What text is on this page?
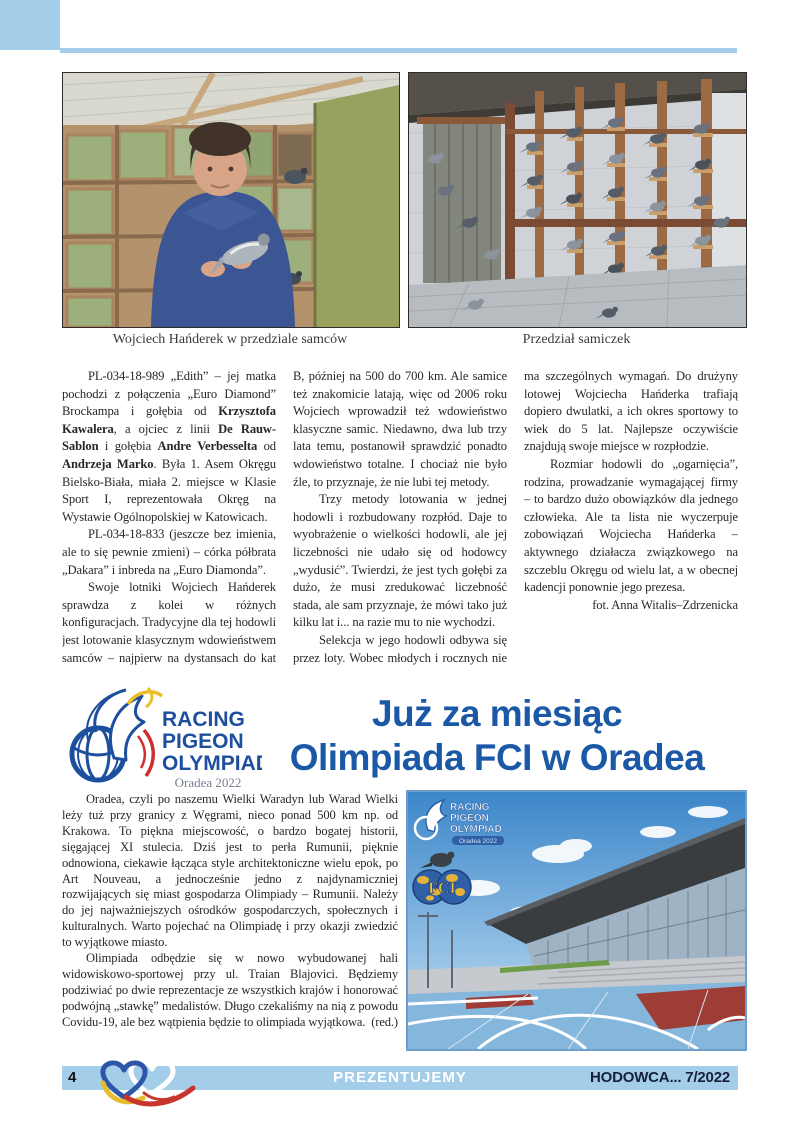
Wojciech Hańderek w przedziale samców	Przedział samiczek

PL-034-18-989 „Edith” – jej matka pochodzi z połączenia „Euro Diamond” Brockampa i gołębia od Krzysztofa Kawalera, a ojciec z linii De Rauw-Sablon i gołębia Andre Verbesselta od Andrzeja Marko. Była 1. Asem Okręgu Bielsko-Biała, miała 2. miejsce w Klasie Sport I, reprezentowała Okręg na Wystawie Ogólnopolskiej w Katowicach.

PL-034-18-833 (jeszcze bez imienia, ale to się pewnie zmieni) – córka półbrata „Dakara” i inbreda na „Euro Diamonda”.

Swoje lotniki Wojciech Hańderek sprawdza z kolei w różnych konfiguracjach. Tradycyjne dla tej hodowli jest lotowanie klasycznym wdowieństwem samców – najpierw na dystansach do kat B, później na 500 do 700 km. Ale samice też znakomicie latają, więc od 2006 roku Wojciech wprowadził też wdowieństwo klasyczne samic. Niedawno, dwa lub trzy lata temu, postanowił sprawdzić ponadto wdowieństwo totalne. I chociaż nie było źle, to przyznaje, że nie lubi tej metody.

Trzy metody lotowania w jednej hodowli i rozbudowany rozpłód. Daje to wyobrażenie o wielkości hodowli, ale jej liczebności nie udało się od hodowcy „wydusić”. Twierdzi, że jest tych gołębi za dużo, że musi zredukować liczebność stada, ale sam przyznaje, że mówi tako już kilku lat i... na razie mu to nie wychodzi.

Selekcja w jego hodowli odbywa się przez loty. Wobec młodych i rocznych nie ma szczególnych wymagań. Do drużyny lotowej Wojciecha Hańderka trafiają dopiero dwulatki, a ich okres sportowy to wiek do 5 lat. Najlepsze oczywiście znajdują swoje miejsce w rozpłodzie.

Rozmiar hodowli do „ogarnięcia”, rodzina, prowadzanie wymagającej firmy – to bardzo dużo obowiązków dla jednego człowieka. Ale ta lista nie wyczerpuje zobowiązań Wojciecha Hańderka – aktywnego działacza związkowego na szczeblu Okręgu od wielu lat, a w obecnej kadencji ponownie jego prezesa.

fot. Anna Witalis–Zdrzenicka

RACING
PIGEON
OLYMPIAD
Oradea 2022
Już za miesiąc
Olimpiada FCI w Oradea

Oradea, czyli po naszemu Wielki Waradyn lub Warad Wielki leży tuż przy granicy z Węgrami, nieco ponad 500 km np. od Krakowa. To piękna miejscowość, o bardzo bogatej historii, sięgającej XI stulecia. Dziś jest to perła Rumunii, pięknie odnowiona, ciekawie łącząca style architektoniczne wielu epok, po Art Nouveau, a jednocześnie jedno z najdynamiczniej rozwijających się miast gospodarza Olimpiady – Rumunii. Należy do jej najważniejszych ośrodków gospodarczych, społecznych i kulturalnych. Warto pojechać na Olimpiadę i przy okazji zwiedzić to wyjątkowe miasto.

Olimpiada odbędzie się w nowo wybudowanej hali widowiskowo-sportowej przy ul. Traian Blajovici. Będziemy podziwiać po dwie reprezentacje ze wszystkich krajów i honorować podwójną „stawkę” medalistów. Długo czekaliśmy na nią z powodu Covidu-19, ale bez wątpienia będzie to olimpiada wyjątkowa. (red.)

RACING
PIGEON
OLYMPIAD
Oradea 2022
FCI
4	PREZENTUJEMY	HODOWCA... 7/2022
